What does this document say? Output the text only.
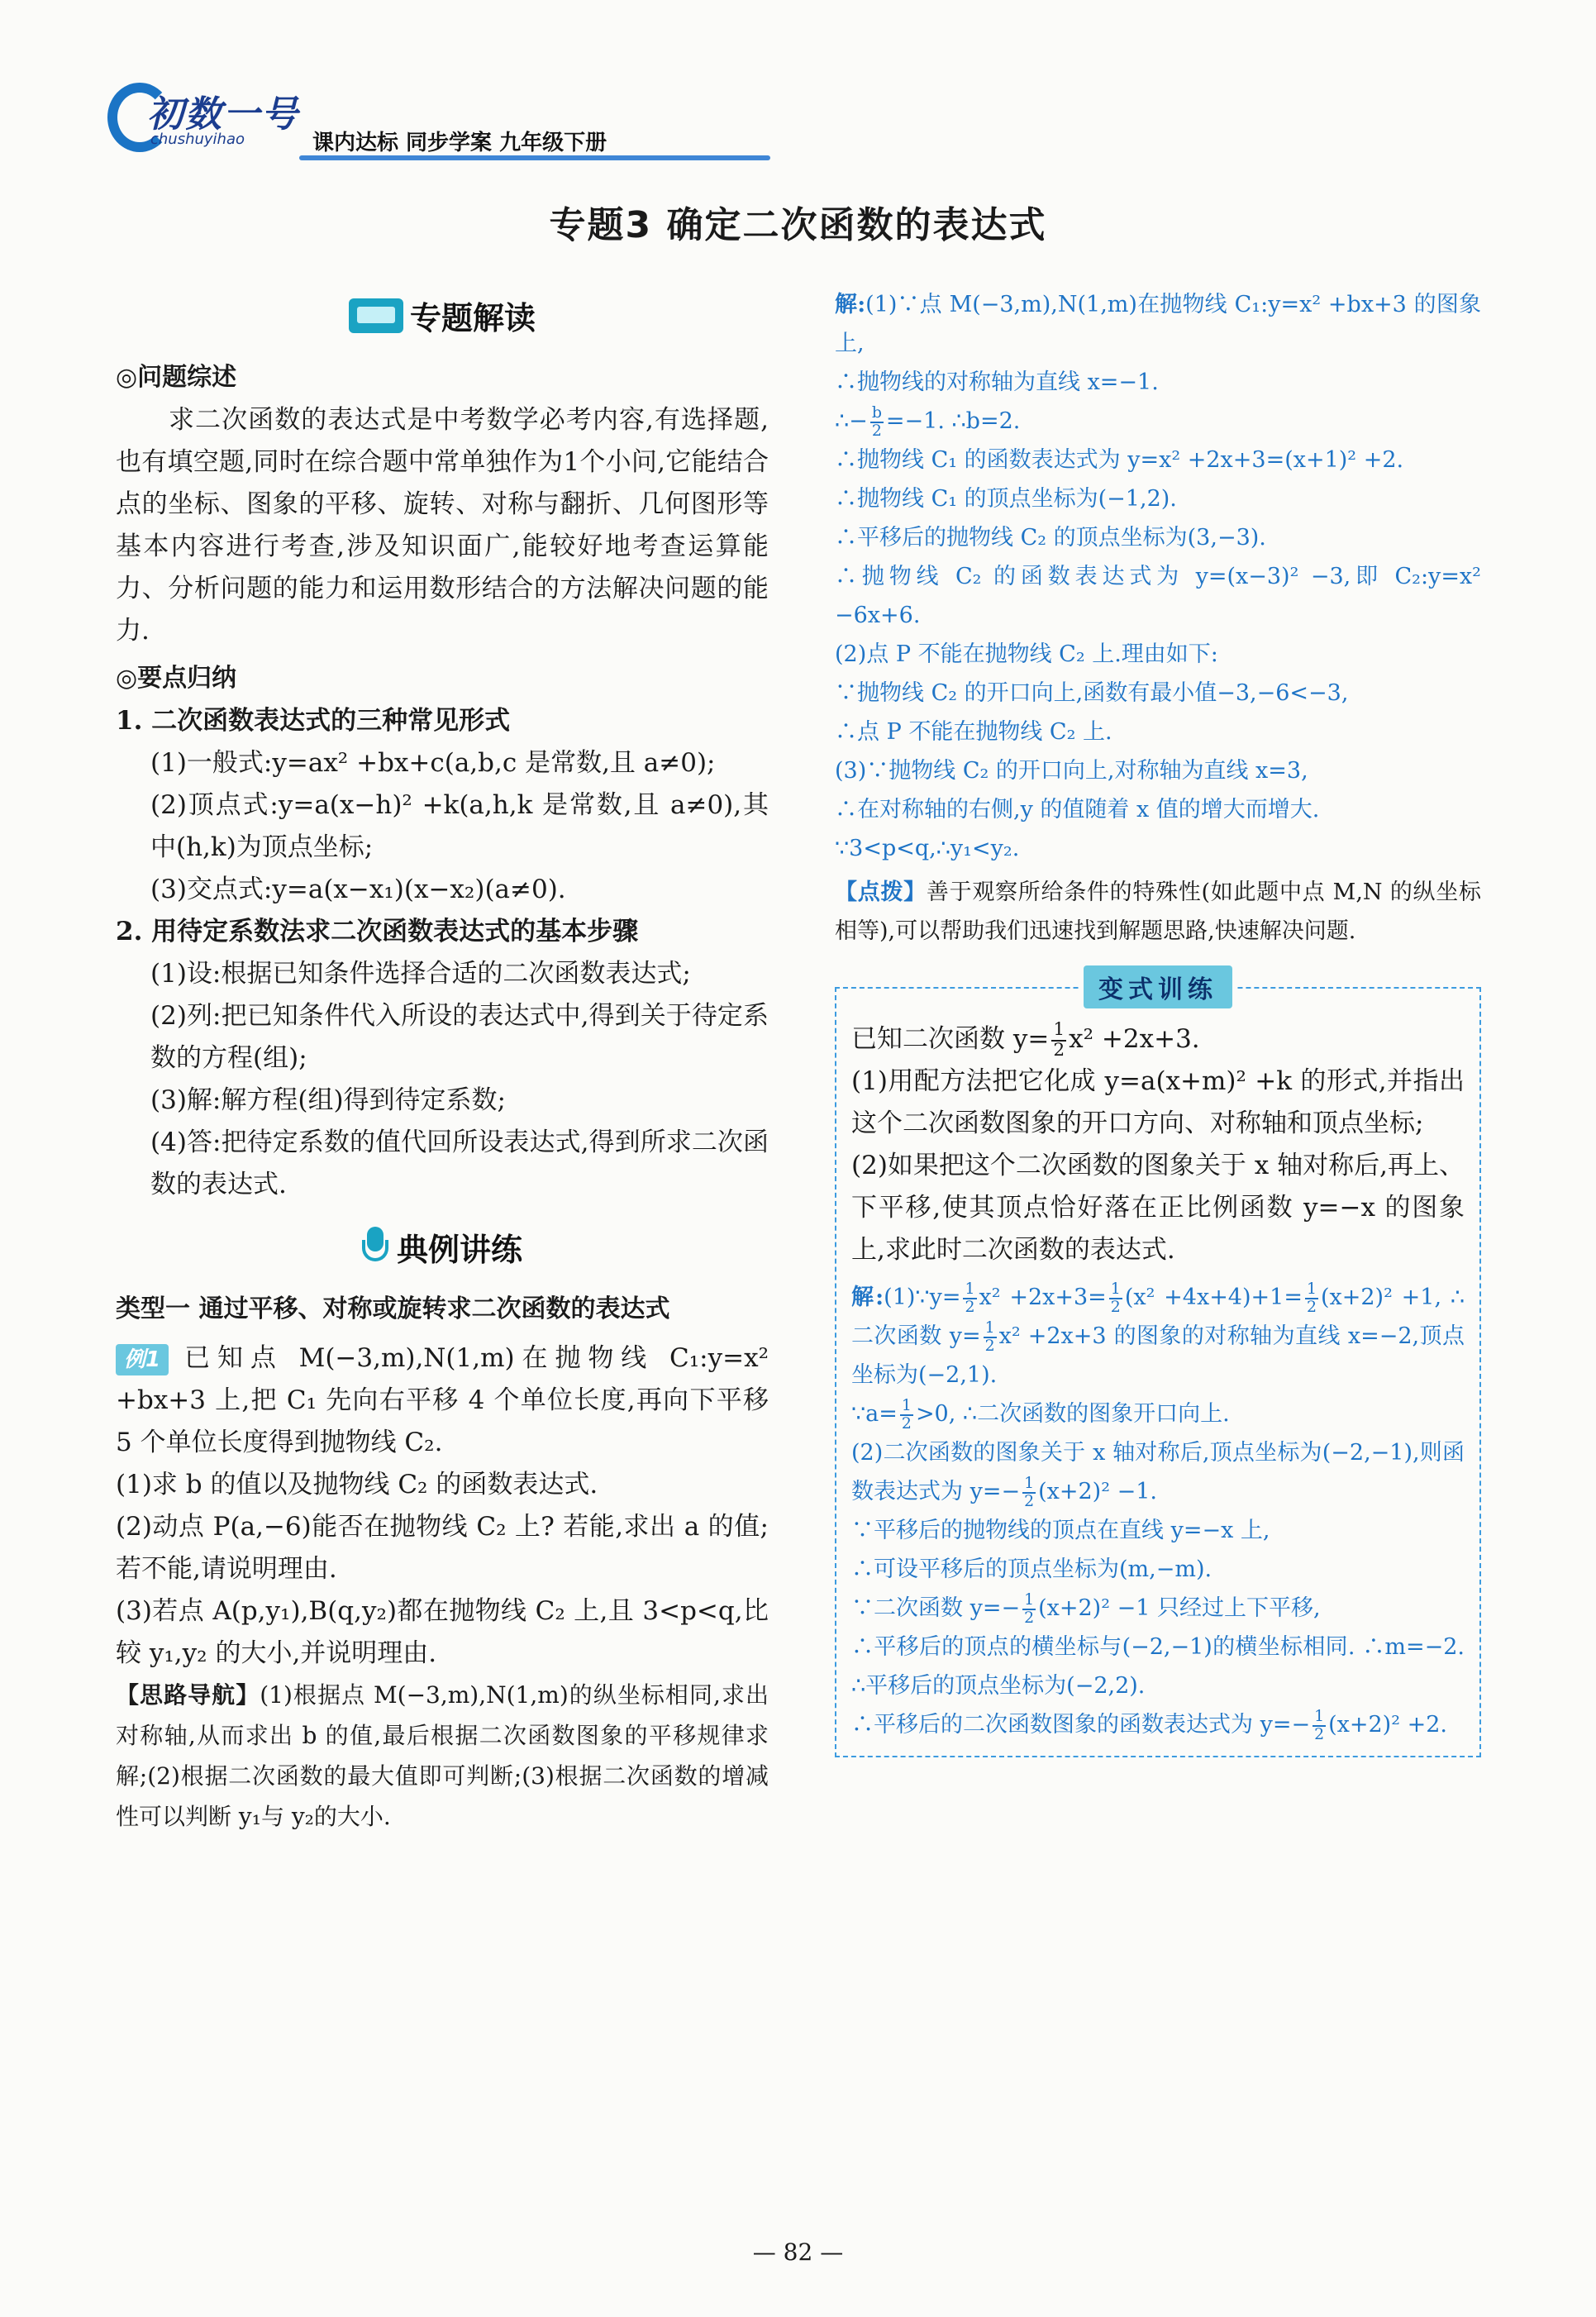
初数一号
chushuyihao	课内达标 同步学案 九年级下册
专题3 确定二次函数的表达式
专题解读
◎问题综述

求二次函数的表达式是中考数学必考内容,有选择题,也有填空题,同时在综合题中常单独作为1个小问,它能结合点的坐标、图象的平移、旋转、对称与翻折、几何图形等基本内容进行考查,涉及知识面广,能较好地考查运算能力、分析问题的能力和运用数形结合的方法解决问题的能力.

◎要点归纳

1. 二次函数表达式的三种常见形式

(1)一般式:y=ax² +bx+c(a,b,c 是常数,且 a≠0);

(2)顶点式:y=a(x−h)² +k(a,h,k 是常数,且 a≠0),其中(h,k)为顶点坐标;

(3)交点式:y=a(x−x₁)(x−x₂)(a≠0).

2. 用待定系数法求二次函数表达式的基本步骤

(1)设:根据已知条件选择合适的二次函数表达式;

(2)列:把已知条件代入所设的表达式中,得到关于待定系数的方程(组);

(3)解:解方程(组)得到待定系数;

(4)答:把待定系数的值代回所设表达式,得到所求二次函数的表达式.

典例讲练
类型一 通过平移、对称或旋转求二次函数的表达式

例1 已知点 M(−3,m),N(1,m)在抛物线 C₁:y=x² +bx+3 上,把 C₁ 先向右平移 4 个单位长度,再向下平移 5 个单位长度得到抛物线 C₂.

(1)求 b 的值以及抛物线 C₂ 的函数表达式.

(2)动点 P(a,−6)能否在抛物线 C₂ 上? 若能,求出 a 的值;若不能,请说明理由.

(3)若点 A(p,y₁),B(q,y₂)都在抛物线 C₂ 上,且 3<p<q,比较 y₁,y₂ 的大小,并说明理由.

【思路导航】(1)根据点 M(−3,m),N(1,m)的纵坐标相同,求出对称轴,从而求出 b 的值,最后根据二次函数图象的平移规律求解;(2)根据二次函数的最大值即可判断;(3)根据二次函数的增减性可以判断 y₁与 y₂的大小.

解:(1)∵点 M(−3,m),N(1,m)在抛物线 C₁:y=x² +bx+3 的图象上,

∴抛物线的对称轴为直线 x=−1.

∴− $\frac{b}{2} =-1$. ∴b=2.

∴抛物线 C₁ 的函数表达式为 y=x² +2x+3=(x+1)² +2.

∴抛物线 C₁ 的顶点坐标为(−1,2).

∴平移后的抛物线 C₂ 的顶点坐标为(3,−3).

∴抛物线 C₂ 的函数表达式为 y=(x−3)² −3,即 C₂:y=x² −6x+6.

(2)点 P 不能在抛物线 C₂ 上.理由如下:

∵抛物线 C₂ 的开口向上,函数有最小值−3,−6<−3,

∴点 P 不能在抛物线 C₂ 上.

(3)∵抛物线 C₂ 的开口向上,对称轴为直线 x=3,

∴在对称轴的右侧,y 的值随着 x 值的增大而增大.

∵3<p<q,∴y₁<y₂.

【点拨】善于观察所给条件的特殊性(如此题中点 M,N 的纵坐标相等),可以帮助我们迅速找到解题思路,快速解决问题.

变式训练

已知二次函数 $y= \frac{1}{2} x^2 +2x+3$.

(1)用配方法把它化成 y=a(x+m)² +k 的形式,并指出这个二次函数图象的开口方向、对称轴和顶点坐标;

(2)如果把这个二次函数的图象关于 x 轴对称后,再上、下平移,使其顶点恰好落在正比例函数 y=−x 的图象上,求此时二次函数的表达式.

解:(1)∵y= $\frac{1}{2} x^2 +2x+3= \frac{1}{2} (x^2 +4x+4)+1= \frac{1}{2} (x+2)^2 +1$, ∴二次函数 $y= \frac{1}{2} x^2 +2x+3$ 的图象的对称轴为直线 x=−2,顶点坐标为(−2,1).

∵a= $\frac{1}{2} >0$, ∴二次函数的图象开口向上.

(2)二次函数的图象关于 x 轴对称后,顶点坐标为(−2,−1),则函数表达式为 $y=- \frac{1}{2} (x+2)^2 -1$.

∵平移后的抛物线的顶点在直线 y=−x 上,

∴可设平移后的顶点坐标为(m,−m).

∵二次函数 $y=- \frac{1}{2} (x+2)^2 -1$ 只经过上下平移,

∴平移后的顶点的横坐标与(−2,−1)的横坐标相同. ∴m=−2. ∴平移后的顶点坐标为(−2,2).

∴平移后的二次函数图象的函数表达式为 $y=- \frac{1}{2} (x+2)^2 +2$.

— 82 —
